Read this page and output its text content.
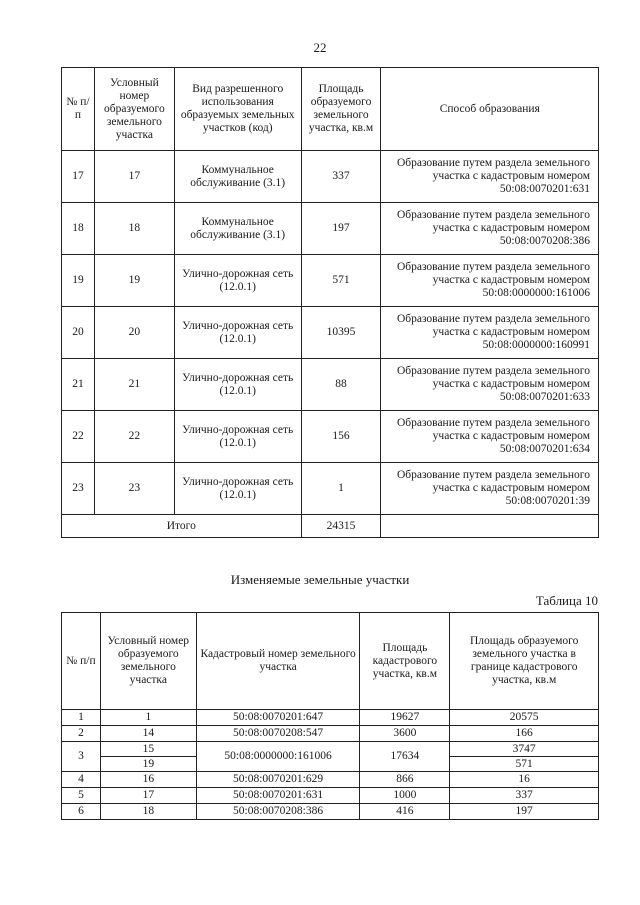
22
№ п/п	Условный номер образуемого земельного участка	Вид разрешенного использования образуемых земельных участков (код)	Площадь образуемого земельного участка, кв.м	Способ образования
17	17	Коммунальное обслуживание (3.1)	337	Образование путем раздела земельного участка с кадастровым номером 50:08:0070201:631
18	18	Коммунальное обслуживание (3.1)	197	Образование путем раздела земельного участка с кадастровым номером 50:08:0070208:386
19	19	Улично-дорожная сеть (12.0.1)	571	Образование путем раздела земельного участка с кадастровым номером 50:08:0000000:161006
20	20	Улично-дорожная сеть (12.0.1)	10395	Образование путем раздела земельного участка с кадастровым номером 50:08:0000000:160991
21	21	Улично-дорожная сеть (12.0.1)	88	Образование путем раздела земельного участка с кадастровым номером 50:08:0070201:633
22	22	Улично-дорожная сеть (12.0.1)	156	Образование путем раздела земельного участка с кадастровым номером 50:08:0070201:634
23	23	Улично-дорожная сеть (12.0.1)	1	Образование путем раздела земельного участка с кадастровым номером 50:08:0070201:39
Итого			24315	
Изменяемые земельные участки
Таблица 10
№ п/п	Условный номер образуемого земельного участка	Кадастровый номер земельного участка	Площадь кадастрового участка, кв.м	Площадь образуемого земельного участка в границе кадастрового участка, кв.м
1	1	50:08:0070201:647	19627	20575
2	14	50:08:0070208:547	3600	166
3	15	50:08:0000000:161006	17634	3747
	19			571
4	16	50:08:0070201:629	866	16
5	17	50:08:0070201:631	1000	337
6	18	50:08:0070208:386	416	197
